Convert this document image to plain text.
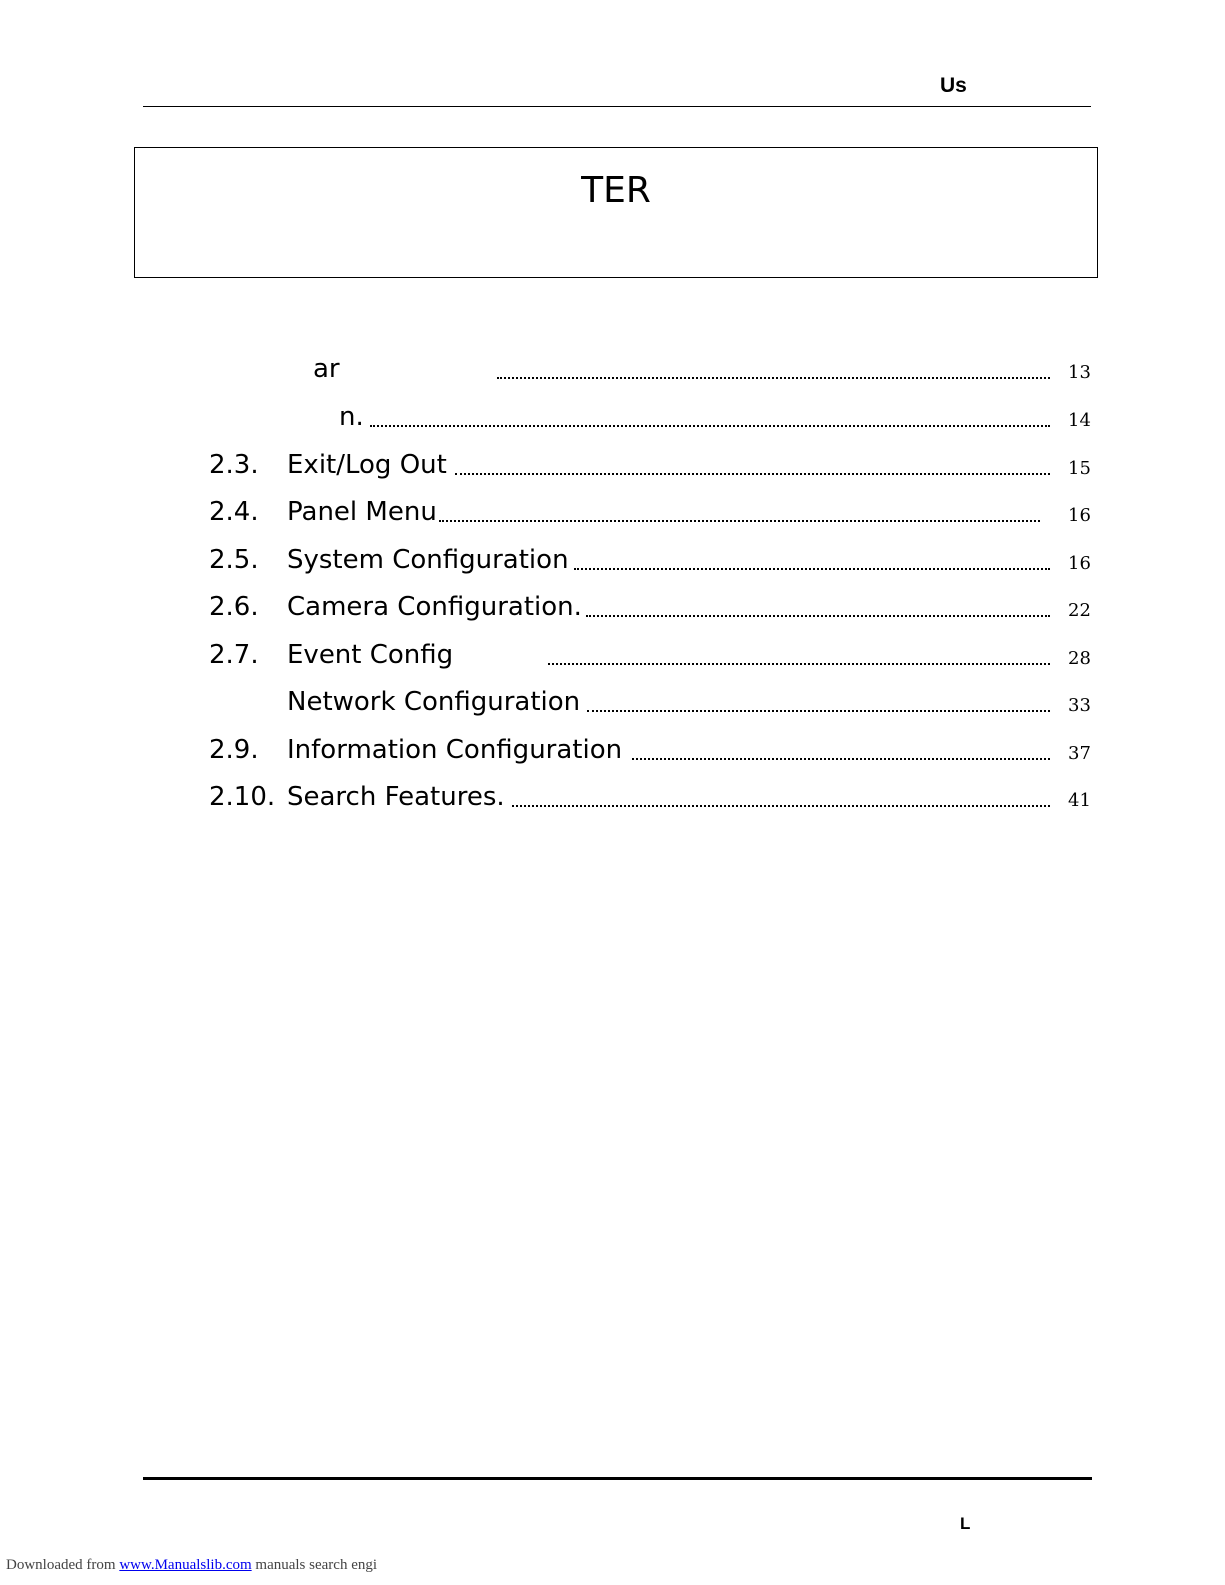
Us
TER
ar	13
n.	14
2.3. Exit/Log Out	15
2.4. Panel Menu	16
2.5. System Configuration	16
2.6. Camera Configuration.	22
2.7. Event Config	28
Network Configuration	33
2.9. Information Configuration	37
2.10. Search Features.	41
L
Downloaded from www.Manualslib.com manuals search engi
